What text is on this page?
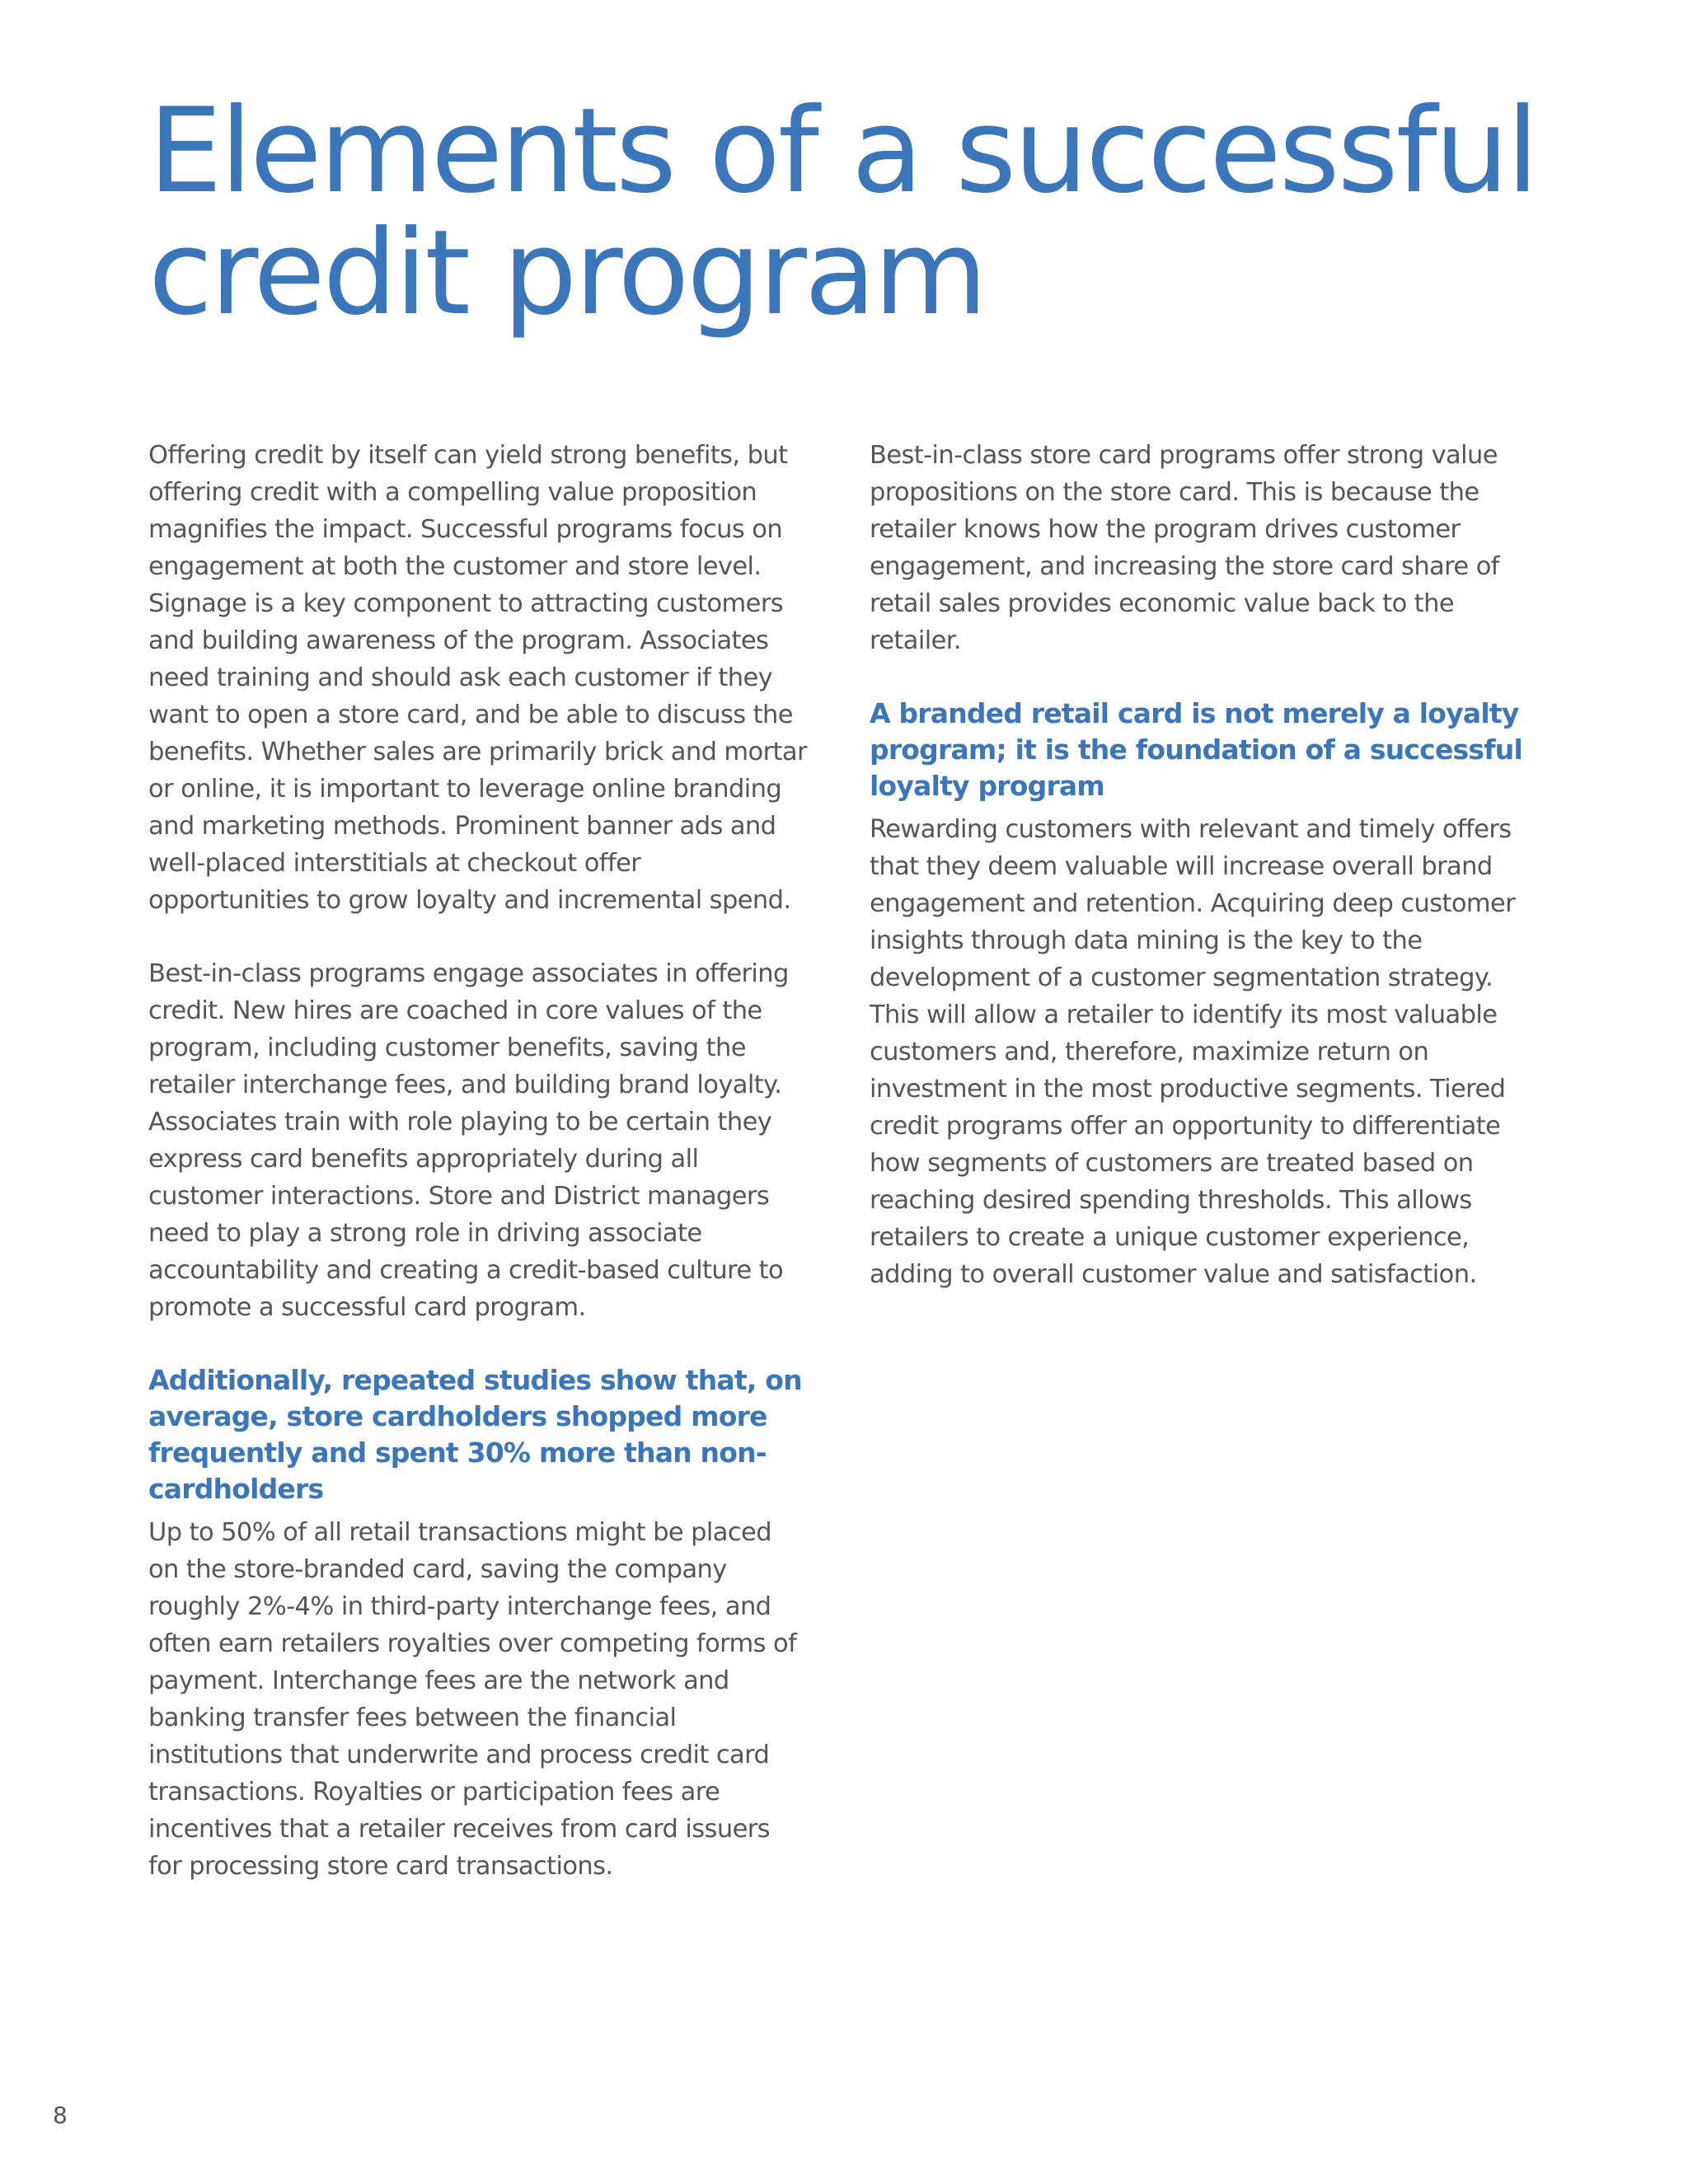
Elements of a successful
credit program

Offering credit by itself can yield strong benefits, but offering credit with a compelling value proposition magnifies the impact. Successful programs focus on engagement at both the customer and store level. Signage is a key component to attracting customers and building awareness of the program. Associates need training and should ask each customer if they want to open a store card, and be able to discuss the benefits. Whether sales are primarily brick and mortar or online, it is important to leverage online branding and marketing methods. Prominent banner ads and well-placed interstitials at checkout offer opportunities to grow loyalty and incremental spend.

Best-in-class programs engage associates in offering credit. New hires are coached in core values of the program, including customer benefits, saving the retailer interchange fees, and building brand loyalty. Associates train with role playing to be certain they express card benefits appropriately during all customer interactions. Store and District managers need to play a strong role in driving associate accountability and creating a credit-based culture to promote a successful card program.

Additionally, repeated studies show that, on average, store cardholders shopped more frequently and spent 30% more than non-cardholders

Up to 50% of all retail transactions might be placed on the store-branded card, saving the company roughly 2%-4% in third-party interchange fees, and often earn retailers royalties over competing forms of payment. Interchange fees are the network and banking transfer fees between the financial institutions that underwrite and process credit card transactions. Royalties or participation fees are incentives that a retailer receives from card issuers for processing store card transactions.

Best-in-class store card programs offer strong value propositions on the store card. This is because the retailer knows how the program drives customer engagement, and increasing the store card share of retail sales provides economic value back to the retailer.

A branded retail card is not merely a loyalty program; it is the foundation of a successful loyalty program

Rewarding customers with relevant and timely offers that they deem valuable will increase overall brand engagement and retention. Acquiring deep customer insights through data mining is the key to the development of a customer segmentation strategy. This will allow a retailer to identify its most valuable customers and, therefore, maximize return on investment in the most productive segments. Tiered credit programs offer an opportunity to differentiate how segments of customers are treated based on reaching desired spending thresholds. This allows retailers to create a unique customer experience, adding to overall customer value and satisfaction.

8
